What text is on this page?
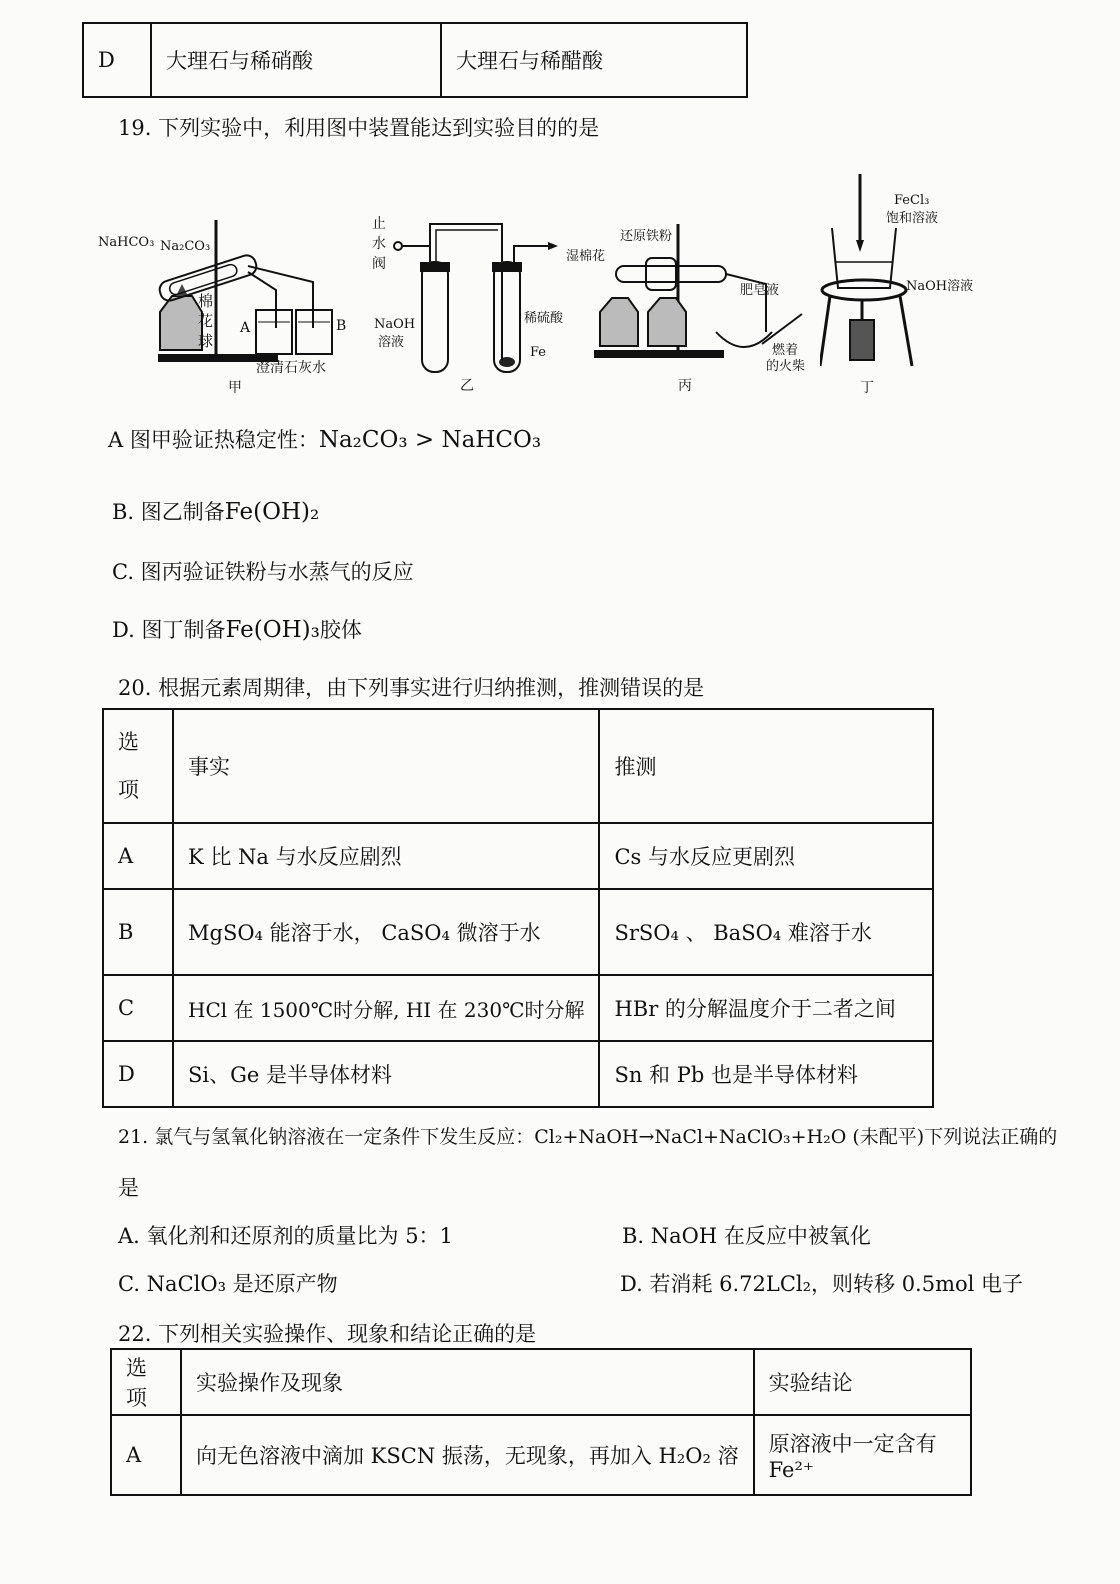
D	大理石与稀硝酸	大理石与稀醋酸
19. 下列实验中，利用图中装置能达到实验目的的是
NaHCO₃ Na₂CO₃
棉
花
球
A	B
澄清石灰水
甲
止
水
阀
NaOH
溶液
稀硫酸
Fe
乙
还原铁粉
湿棉花
肥皂液
燃着
的火柴
丙
FeCl₃
饱和溶液
NaOH溶液
丁
A 图甲验证热稳定性：Na₂CO₃ > NaHCO₃
B. 图乙制备Fe(OH)₂
C. 图丙验证铁粉与水蒸气的反应
D. 图丁制备Fe(OH)₃胶体
20. 根据元素周期律，由下列事实进行归纳推测，推测错误的是
选
项	事实	推测
A	K 比 Na 与水反应剧烈	Cs 与水反应更剧烈
B	MgSO₄ 能溶于水， CaSO₄ 微溶于水	SrSO₄ 、 BaSO₄ 难溶于水
C	HCl 在 1500℃时分解, HI 在 230℃时分解	HBr 的分解温度介于二者之间
D	Si、Ge 是半导体材料	Sn 和 Pb 也是半导体材料
21. 氯气与氢氧化钠溶液在一定条件下发生反应：Cl₂+NaOH→NaCl+NaClO₃+H₂O (未配平)下列说法正确的
是
A. 氧化剂和还原剂的质量比为 5：1	B. NaOH 在反应中被氧化
C. NaClO₃ 是还原产物	D. 若消耗 6.72LCl₂，则转移 0.5mol 电子
22. 下列相关实验操作、现象和结论正确的是
选项	实验操作及现象	实验结论
A	向无色溶液中滴加 KSCN 振荡，无现象，再加入 H₂O₂ 溶	原溶液中一定含有 Fe²⁺
